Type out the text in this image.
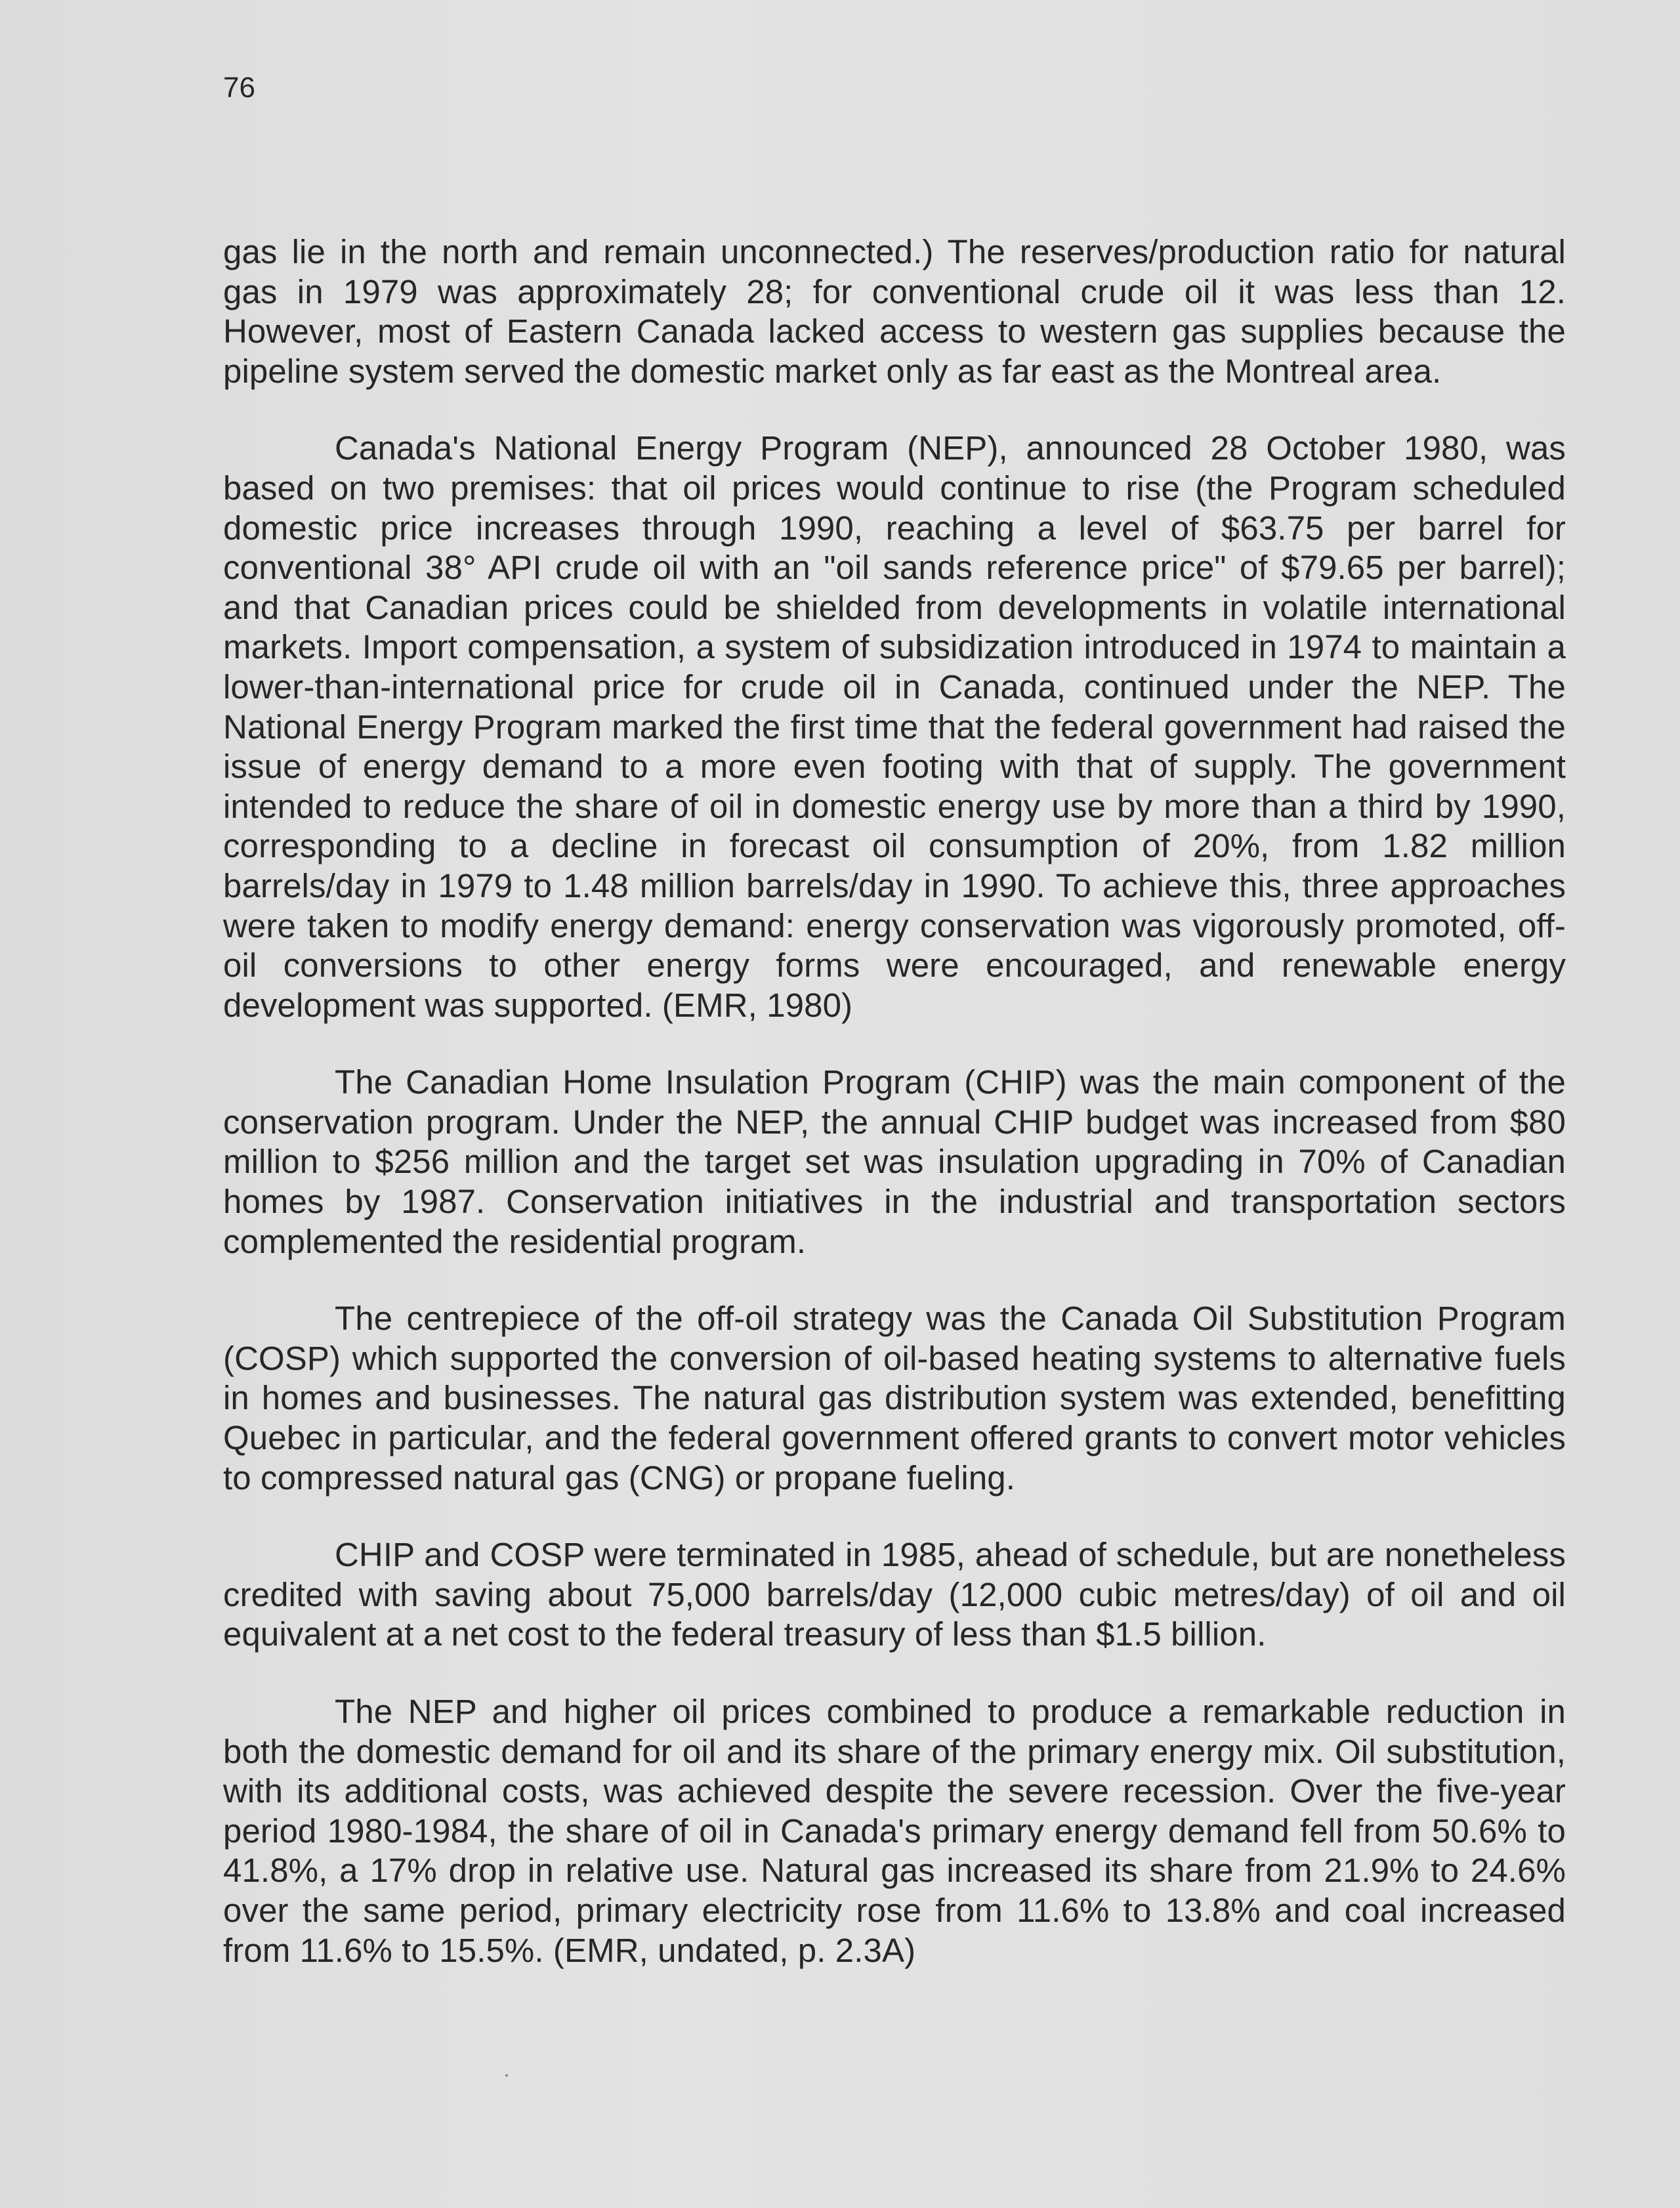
76

gas lie in the north and remain unconnected.) The reserves/production ratio for natural gas in 1979 was approximately 28; for conventional crude oil it was less than 12. However, most of Eastern Canada lacked access to western gas supplies because the pipeline system served the domestic market only as far east as the Montreal area.

Canada's National Energy Program (NEP), announced 28 October 1980, was based on two premises: that oil prices would continue to rise (the Program scheduled domestic price increases through 1990, reaching a level of $63.75 per barrel for conventional 38° API crude oil with an "oil sands reference price" of $79.65 per barrel); and that Canadian prices could be shielded from developments in volatile international markets. Import compensation, a system of subsidization introduced in 1974 to maintain a lower-than-international price for crude oil in Canada, continued under the NEP. The National Energy Program marked the first time that the federal government had raised the issue of energy demand to a more even footing with that of supply. The government intended to reduce the share of oil in domestic energy use by more than a third by 1990, corresponding to a decline in forecast oil consumption of 20%, from 1.82 million barrels/day in 1979 to 1.48 million barrels/day in 1990. To achieve this, three approaches were taken to modify energy demand: energy conservation was vigorously promoted, off-oil conversions to other energy forms were encouraged, and renewable energy development was supported. (EMR, 1980)

The Canadian Home Insulation Program (CHIP) was the main component of the conservation program. Under the NEP, the annual CHIP budget was increased from $80 million to $256 million and the target set was insulation upgrading in 70% of Canadian homes by 1987. Conservation initiatives in the industrial and transportation sectors complemented the residential program.

The centrepiece of the off-oil strategy was the Canada Oil Substitution Program (COSP) which supported the conversion of oil-based heating systems to alternative fuels in homes and businesses. The natural gas distribution system was extended, benefitting Quebec in particular, and the federal government offered grants to convert motor vehicles to compressed natural gas (CNG) or propane fueling.

CHIP and COSP were terminated in 1985, ahead of schedule, but are nonetheless credited with saving about 75,000 barrels/day (12,000 cubic metres/day) of oil and oil equivalent at a net cost to the federal treasury of less than $1.5 billion.

The NEP and higher oil prices combined to produce a remarkable reduction in both the domestic demand for oil and its share of the primary energy mix. Oil substitution, with its additional costs, was achieved despite the severe recession. Over the five-year period 1980-1984, the share of oil in Canada's primary energy demand fell from 50.6% to 41.8%, a 17% drop in relative use. Natural gas increased its share from 21.9% to 24.6% over the same period, primary electricity rose from 11.6% to 13.8% and coal increased from 11.6% to 15.5%. (EMR, undated, p. 2.3A)
